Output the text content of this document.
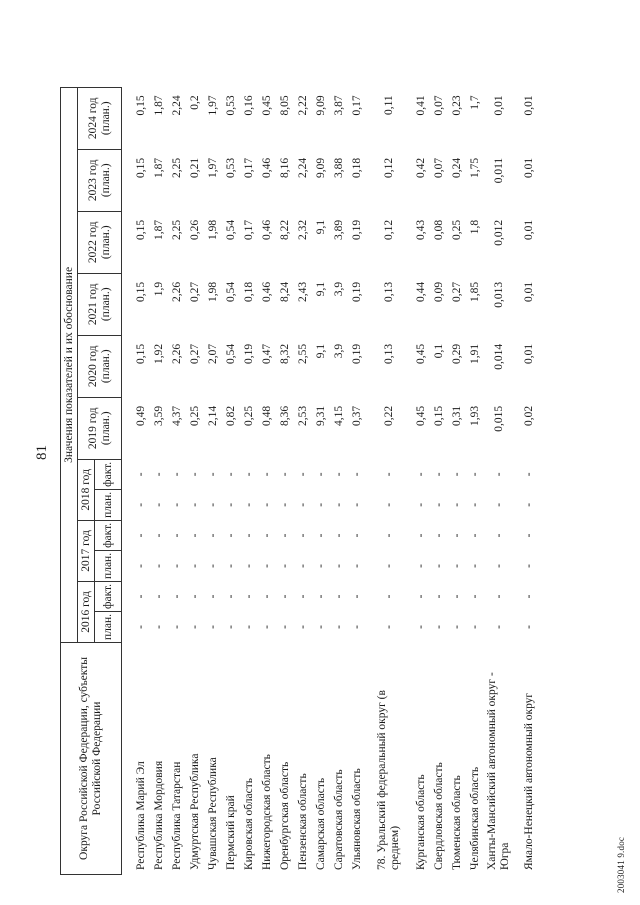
81
Округа Российской Федерации, субъекты Российской Федерации	Значения показателей и их обоснование											
	2016 год		2017 год		2018 год		2019 год (план.)	2020 год (план.)	2021 год (план.)	2022 год (план.)	2023 год (план.)	2024 год (план.)
	план.	факт.	план.	факт.	план.	факт.						

Республика Марий Эл	-	-	-	-	-	-	0,49	0,15	0,15	0,15	0,15	0,15
Республика Мордовия	-	-	-	-	-	-	3,59	1,92	1,9	1,87	1,87	1,87
Республика Татарстан	-	-	-	-	-	-	4,37	2,26	2,26	2,25	2,25	2,24
Удмуртская Республика	-	-	-	-	-	-	0,25	0,27	0,27	0,26	0,21	0,2
Чувашская Республика	-	-	-	-	-	-	2,14	2,07	1,98	1,98	1,97	1,97
Пермский край	-	-	-	-	-	-	0,82	0,54	0,54	0,54	0,53	0,53
Кировская область	-	-	-	-	-	-	0,25	0,19	0,18	0,17	0,17	0,16
Нижегородская область	-	-	-	-	-	-	0,48	0,47	0,46	0,46	0,46	0,45
Оренбургская область	-	-	-	-	-	-	8,36	8,32	8,24	8,22	8,16	8,05
Пензенская область	-	-	-	-	-	-	2,53	2,55	2,43	2,32	2,24	2,22
Самарская область	-	-	-	-	-	-	9,31	9,1	9,1	9,1	9,09	9,09
Саратовская область	-	-	-	-	-	-	4,15	3,9	3,9	3,89	3,88	3,87
Ульяновская область	-	-	-	-	-	-	0,37	0,19	0,19	0,19	0,18	0,17

78. Уральский федеральный округ (в среднем)	-	-	-	-	-	-	0,22	0,13	0,13	0,12	0,12	0,11

Курганская область	-	-	-	-	-	-	0,45	0,45	0,44	0,43	0,42	0,41
Свердловская область	-	-	-	-	-	-	0,15	0,1	0,09	0,08	0,07	0,07
Тюменская область	-	-	-	-	-	-	0,31	0,29	0,27	0,25	0,24	0,23
Челябинская область	-	-	-	-	-	-	1,93	1,91	1,85	1,8	1,75	1,7
Ханты-Мансийский автономный округ - Югра	-	-	-	-	-	-	0,015	0,014	0,013	0,012	0,011	0,01
Ямало-Ненецкий автономный округ	-	-	-	-	-	-	0,02	0,01	0,01	0,01	0,01	0,01
2003041 9.doc
